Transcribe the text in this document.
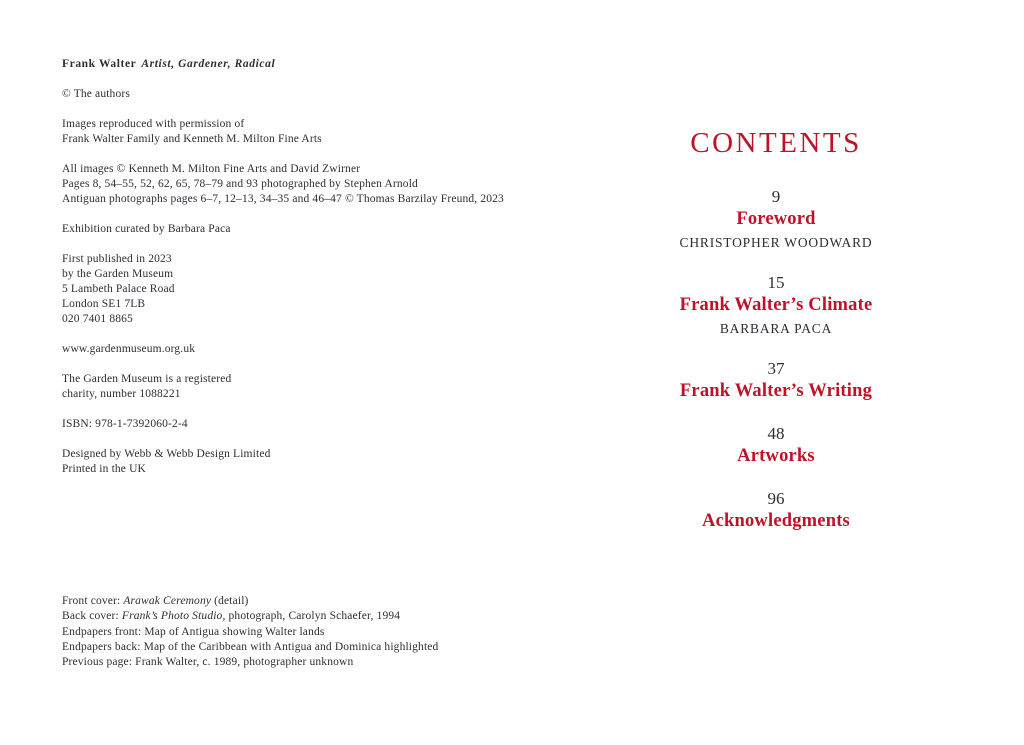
Frank Walter Artist, Gardener, Radical
© The authors
Images reproduced with permission of
Frank Walter Family and Kenneth M. Milton Fine Arts
All images © Kenneth M. Milton Fine Arts and David Zwirner
Pages 8, 54–55, 52, 62, 65, 78–79 and 93 photographed by Stephen Arnold
Antiguan photographs pages 6–7, 12–13, 34–35 and 46–47 © Thomas Barzilay Freund, 2023
Exhibition curated by Barbara Paca
First published in 2023
by the Garden Museum
5 Lambeth Palace Road
London SE1 7LB
020 7401 8865
www.gardenmuseum.org.uk
The Garden Museum is a registered
charity, number 1088221
ISBN: 978-1-7392060-2-4
Designed by Webb & Webb Design Limited
Printed in the UK
Front cover: Arawak Ceremony (detail)
Back cover: Frank’s Photo Studio, photograph, Carolyn Schaefer, 1994
Endpapers front: Map of Antigua showing Walter lands
Endpapers back: Map of the Caribbean with Antigua and Dominica highlighted
Previous page: Frank Walter, c. 1989, photographer unknown
CONTENTS
9
Foreword
CHRISTOPHER WOODWARD
15
Frank Walter’s Climate
BARBARA PACA
37
Frank Walter’s Writing
48
Artworks
96
Acknowledgments
